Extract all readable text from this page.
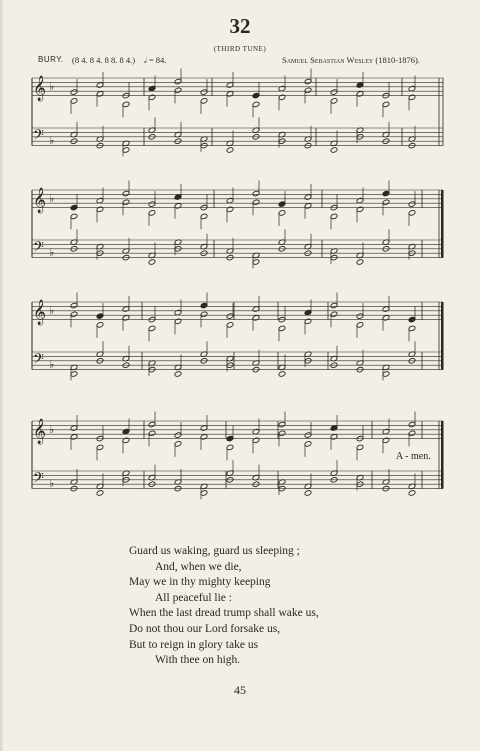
32
(THIRD TUNE)
BURY. (8 4. 8 4. 8 8. 8 4.) 𝅗𝅥 = 84.	Samuel Sebastian Wesley (1810-1876).
𝄞
𝄢
♭
♭
𝄞
𝄢
♭
♭
𝄞
𝄢
♭
♭
𝄞
𝄢
♭
♭
A - men.
Guard us waking, guard us sleeping ;
And, when we die,
May we in thy mighty keeping
All peaceful lie :
When the last dread trump shall wake us,
Do not thou our Lord forsake us,
But to reign in glory take us
With thee on high.
45
